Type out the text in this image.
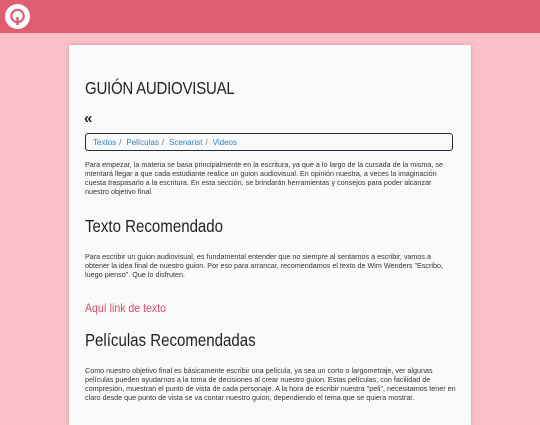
GUIÓN AUDIOVISUAL
«
Textos / Películas / Scenarist / Videos

Para empezar, la materia se basa principalmente en la escritura, ya que a lo largo de la cursada de la misma, se intentará llegar a que cada estudiante realice un guion audiovisual. En opinión nuestra, a veces la imaginación cuesta traspasarlo a la escritura. En esta sección, se brindarán herramientas y consejos para poder alcanzar nuestro objetivo final.

Texto Recomendado

Para escribir un guion audiovisual, es fundamental entender que no siempre al sentarnos a escribir, vamos a obtener la idea final de nuestro guion. Por eso para arrancar, recomendamos el texto de Wim Wenders "Escribo, luego pienso". Que lo disfruten.

Aquí link de texto
Películas Recomendadas

Como nuestro objetivo final es básicamente escribir una película, ya sea un corto o largometraje, ver algunas películas pueden ayudarnos a la toma de decisiones al crear nuestro guion. Estas películas, con facilidad de compresión, muestran el punto de vista de cada personaje. A la hora de escribir nuestra "peli", necesitamos tener en claro desde que punto de vista se va contar nuestro guion, dependiendo el tema que se quiera mostrar.
